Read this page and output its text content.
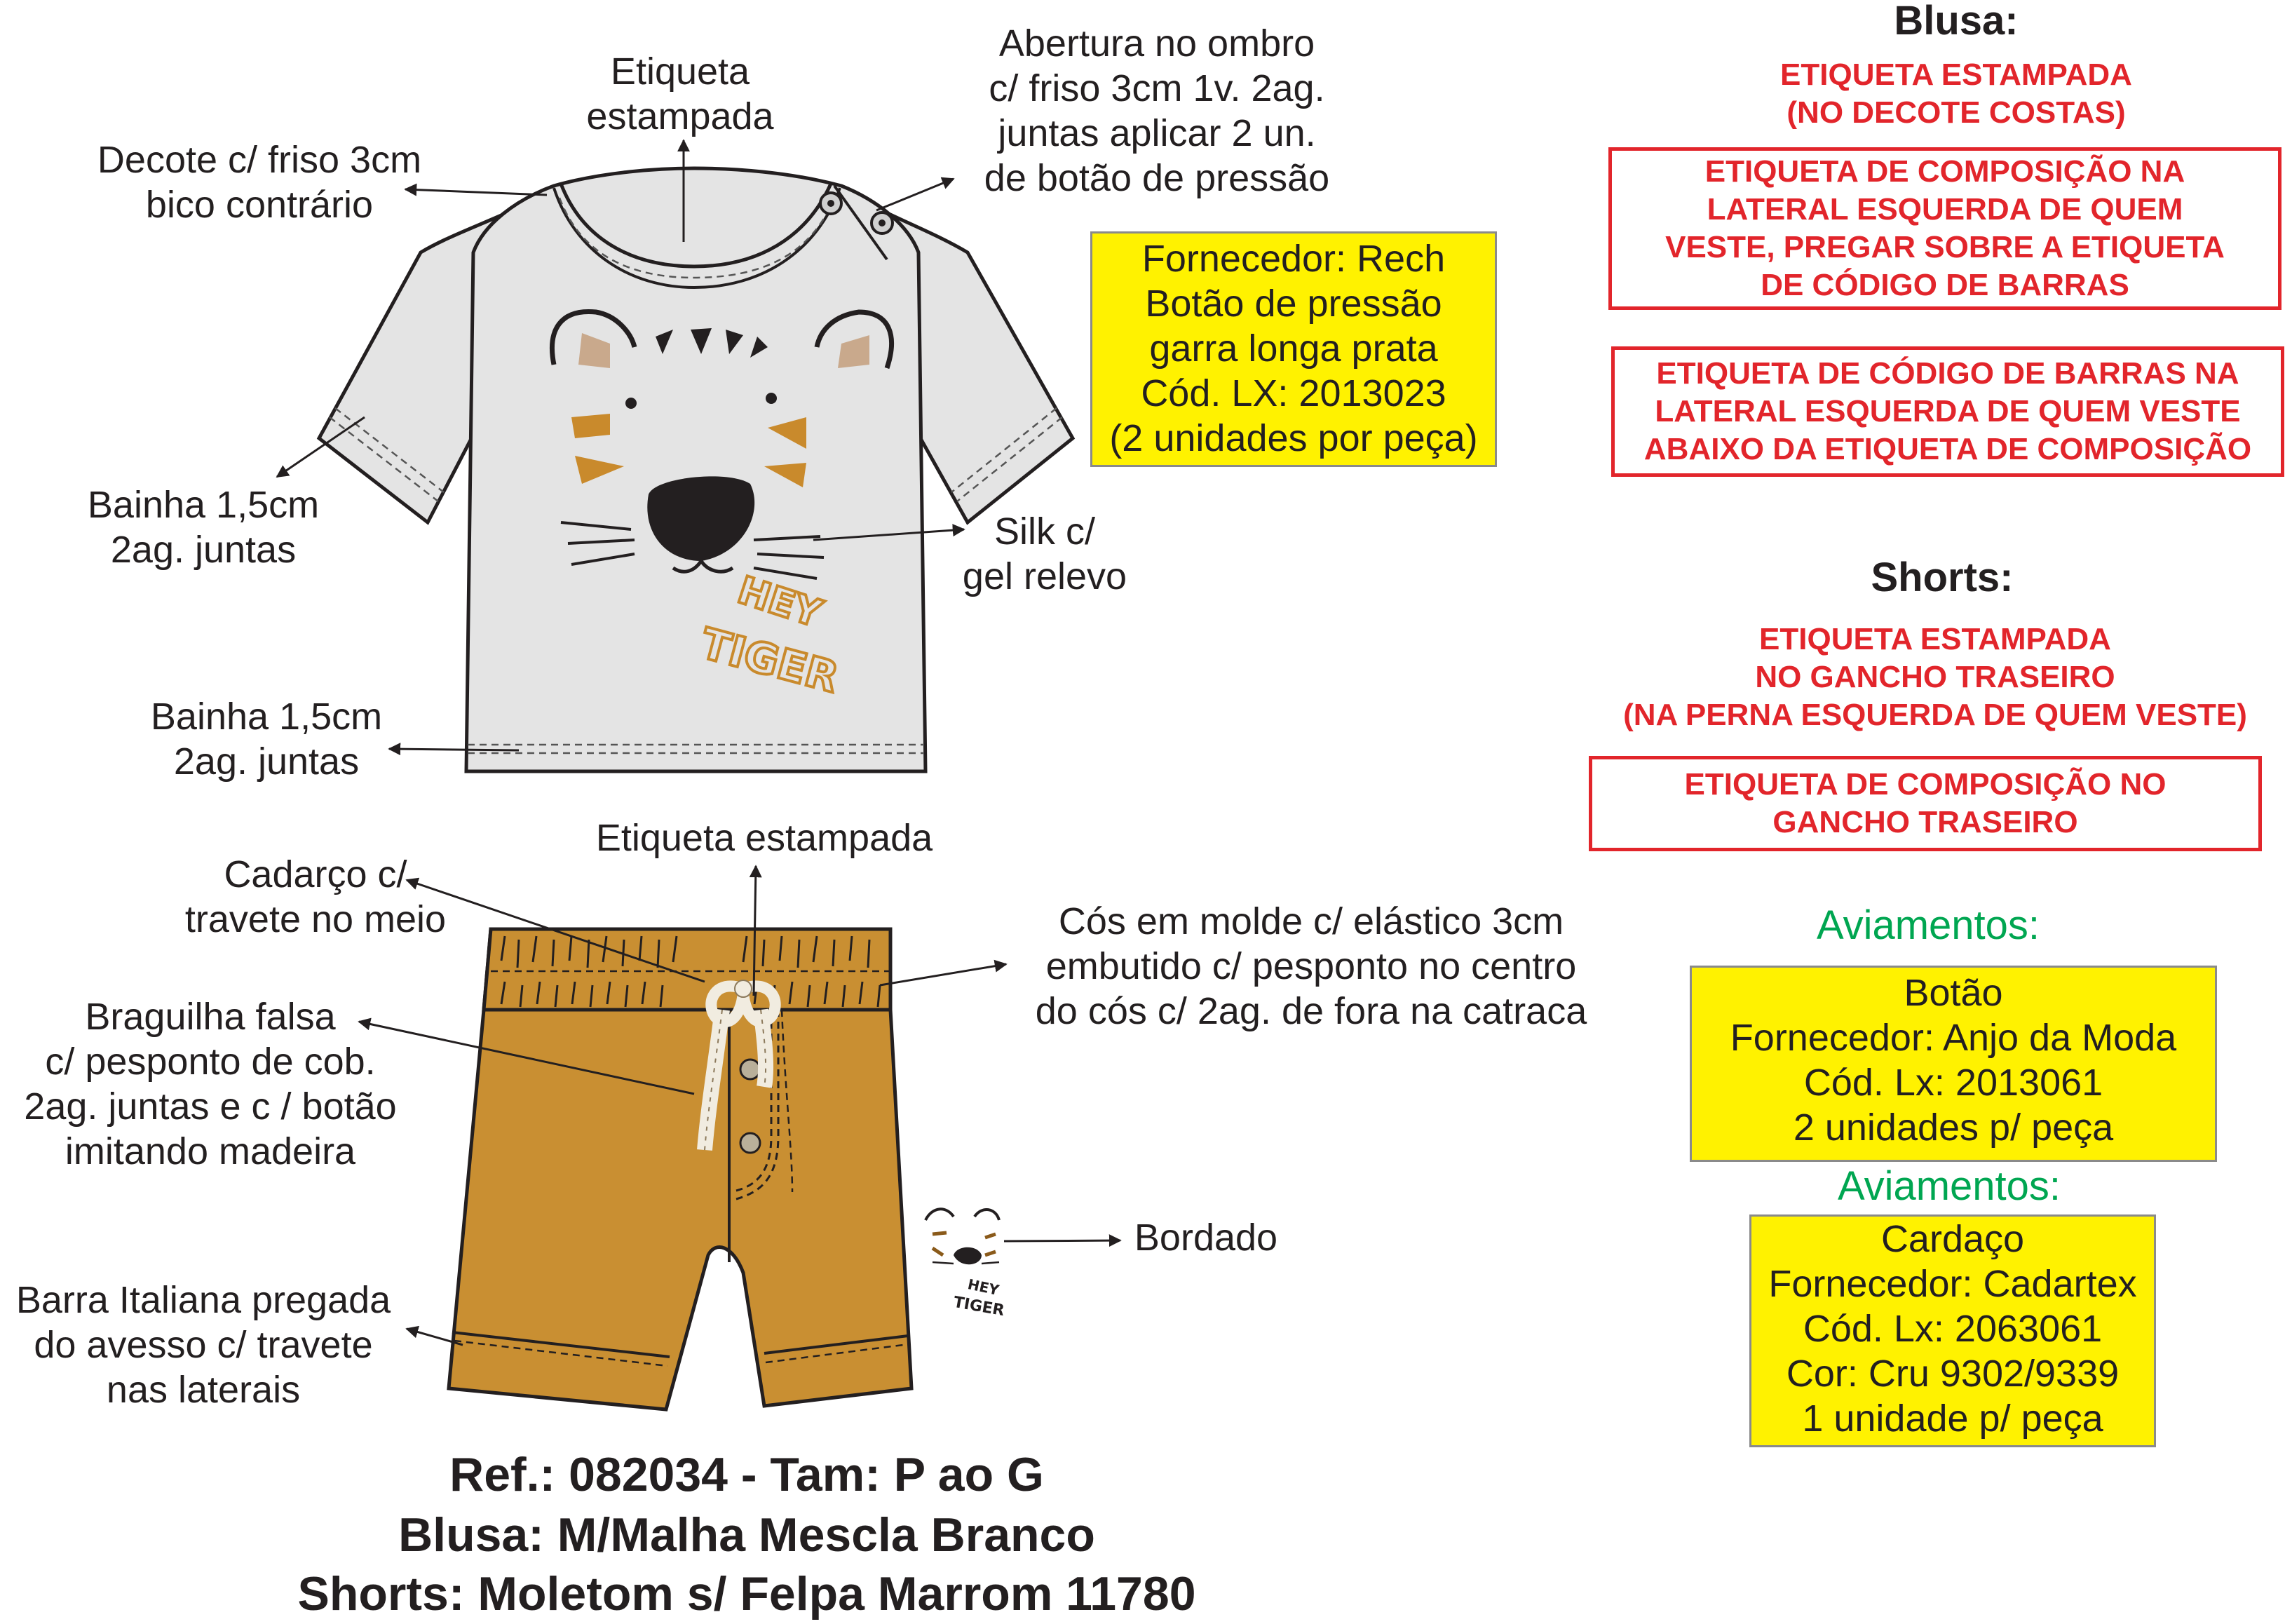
HEY
TIGER
HEY
TIGER
Etiqueta
estampada
Abertura no ombro
c/ friso 3cm 1v. 2ag.
juntas aplicar 2 un.
de botão de pressão
Decote c/ friso 3cm
bico contrário
Bainha 1,5cm
2ag. juntas	Silk c/
gel relevo
Bainha 1,5cm
2ag. juntas
Fornecedor: Rech
Botão de pressão
garra longa prata
Cód. LX: 2013023
(2 unidades por peça)
Etiqueta estampada
Cadarço c/
travete no meio	Cós em molde c/ elástico 3cm
embutido c/ pesponto no centro
do cós c/ 2ag. de fora na catraca
Braguilha falsa
c/ pesponto de cob.
2ag. juntas e c / botão
imitando madeira
Bordado
Barra Italiana pregada
do avesso c/ travete
nas laterais
Ref.: 082034 - Tam: P ao G
Blusa: M/Malha Mescla Branco
Shorts: Moletom s/ Felpa Marrom 11780
Blusa:
ETIQUETA ESTAMPADA
(NO DECOTE COSTAS)
ETIQUETA DE COMPOSIÇÃO NA
LATERAL ESQUERDA DE QUEM
VESTE, PREGAR SOBRE A ETIQUETA
DE CÓDIGO DE BARRAS
ETIQUETA DE CÓDIGO DE BARRAS NA
LATERAL ESQUERDA DE QUEM VESTE
ABAIXO DA ETIQUETA DE COMPOSIÇÃO
Shorts:
ETIQUETA ESTAMPADA
NO GANCHO TRASEIRO
(NA PERNA ESQUERDA DE QUEM VESTE)
ETIQUETA DE COMPOSIÇÃO NO
GANCHO TRASEIRO
Aviamentos:
Botão
Fornecedor: Anjo da Moda
Cód. Lx: 2013061
2 unidades p/ peça
Aviamentos:
Cardaço
Fornecedor: Cadartex
Cód. Lx: 2063061
Cor: Cru 9302/9339
1 unidade p/ peça
